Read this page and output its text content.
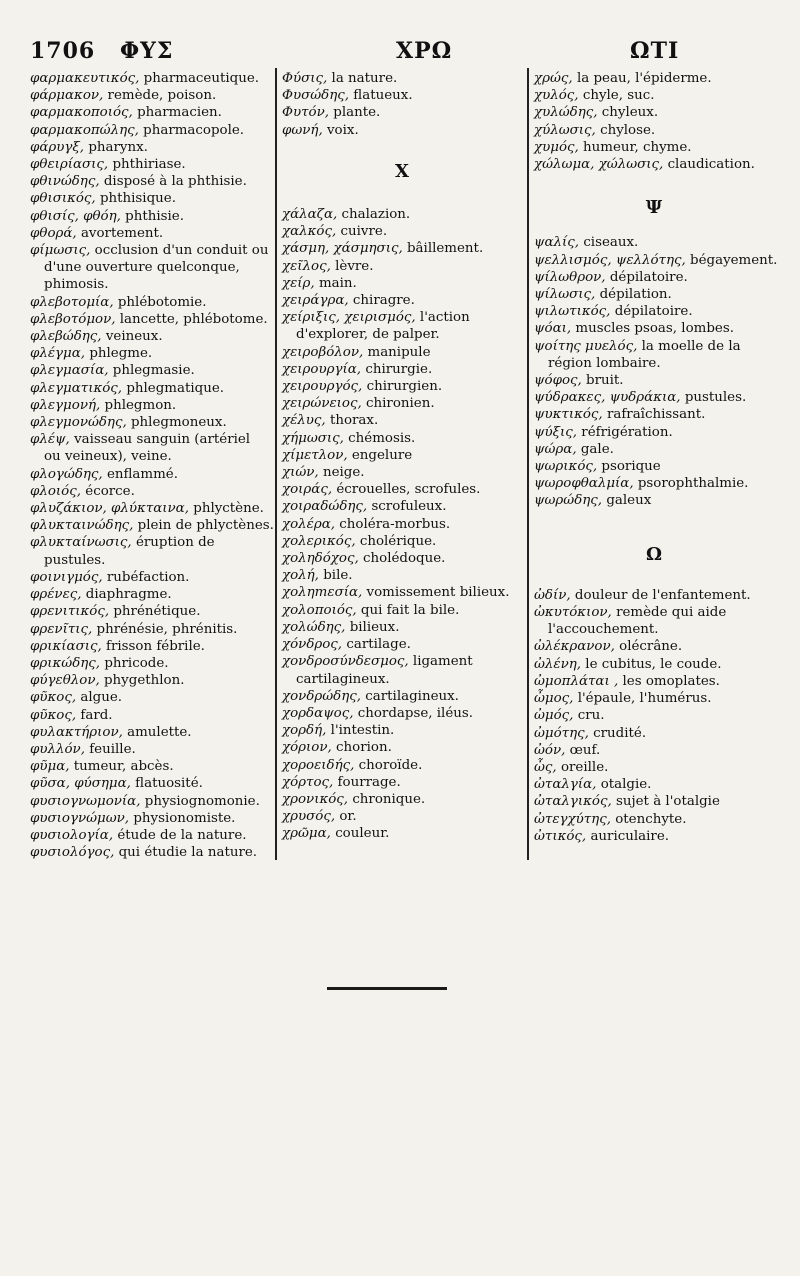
1706 ΦΥΣ	ΧΡΩ	ΩΤΙ
φαρμακευτικός, pharmaceutique.
φάρμακον, remède, poison.
φαρμακοποιός, pharmacien.
φαρμακοπώλης, pharmacopole.
φάρυγξ, pharynx.
φθειρίασις, phthiriase.
φθινώδης, disposé à la phthisie.
φθισικός, phthisique.
φθισίς, φθόη, phthisie.
φθορά, avortement.
φίμωσις, occlusion d'un conduit ou d'une ouverture quelconque, phimosis.
φλεβοτομία, phlébotomie.
φλεβοτόμον, lancette, phlébotome.
φλεβώδης, veineux.
φλέγμα, phlegme.
φλεγμασία, phlegmasie.
φλεγματικός, phlegmatique.
φλεγμονή, phlegmon.
φλεγμονώδης, phlegmoneux.
φλέψ, vaisseau sanguin (artériel ou veineux), veine.
φλογώδης, enflammé.
φλοιός, écorce.
φλυζάκιον, φλύκταινα, phlyctène.
φλυκταινώδης, plein de phlyctènes.
φλυκταίνωσις, éruption de pustules.
φοινιγμός, rubéfaction.
φρένες, diaphragme.
φρενιτικός, phrénétique.
φρενῖτις, phrénésie, phrénitis.
φρικίασις, frisson fébrile.
φρικώδης, phricode.
φύγεθλον, phygethlon.
φῦκος, algue.
φῦκος, fard.
φυλακτήριον, amulette.
φυλλόν, feuille.
φῦμα, tumeur, abcès.
φῦσα, φύσημα, flatuosité.
φυσιογνωμονία, physiognomonie.
φυσιογνώμων, physionomiste.
φυσιολογία, étude de la nature.
φυσιολόγος, qui étudie la nature.
Φύσις, la nature.
Φυσώδης, flatueux.
Φυτόν, plante.
φωνή, voix.
X
χάλαζα, chalazion.
χαλκός, cuivre.
χάσμη, χάσμησις, bâillement.
χεῖλος, lèvre.
χείρ, main.
χειράγρα, chiragre.
χείριξις, χειρισμός, l'action d'explorer, de palper.
χειροβόλον, manipule
χειρουργία, chirurgie.
χειρουργός, chirurgien.
χειρώνειος, chironien.
χέλυς, thorax.
χήμωσις, chémosis.
χίμετλον, engelure
χιών, neige.
χοιράς, écrouelles, scrofules.
χοιραδώδης, scrofuleux.
χολέρα, choléra-morbus.
χολερικός, cholérique.
χοληδόχος, cholédoque.
χολή, bile.
χοληmεσία, vomissement bilieux.
χολοποιός, qui fait la bile.
χολώδης, bilieux.
χόνδρος, cartilage.
χονδροσύνδεσμος, ligament cartilagineux.
χονδρώδης, cartilagineux.
χορδαψος, chordapse, iléus.
χορδή, l'intestin.
χόριον, chorion.
χοροειδής, choroïde.
χόρτος, fourrage.
χρονικός, chronique.
χρυσός, or.
χρῶμα, couleur.
χρώς, la peau, l'épiderme.
χυλός, chyle, suc.
χυλώδης, chyleux.
χύλωσις, chylose.
χυμός, humeur, chyme.
χώλωμα, χώλωσις, claudication.
Ψ
ψαλίς, ciseaux.
ψελλισμός, ψελλότης, bégayement.
ψίλωθρον, dépilatoire.
ψίλωσις, dépilation.
ψιλωτικός, dépilatoire.
ψόαι, muscles psoas, lombes.
ψοίτης μυελός, la moelle de la région lombaire.
ψόφος, bruit.
ψύδρακες, ψυδράκια, pustules.
ψυκτικός, rafraîchissant.
ψύξις, réfrigération.
ψώρα, gale.
ψωρικός, psorique
ψωροφθαλμία, psorophthalmie.
ψωρώδης, galeux
Ω
ὠδίν, douleur de l'enfantement.
ὠκυτόκιον, remède qui aide l'accouchement.
ὠλέκρανον, olécrâne.
ὠλένη, le cubitus, le coude.
ὠμοπλάται , les omoplates.
ὦμος, l'épaule, l'humérus.
ὠμός, cru.
ὠμότης, crudité.
ὠόν, œuf.
ὦς, oreille.
ὠταλγία, otalgie.
ὠταλγικός, sujet à l'otalgie
ὠτεγχύτης, otenchyte.
ὠτικός, auriculaire.
